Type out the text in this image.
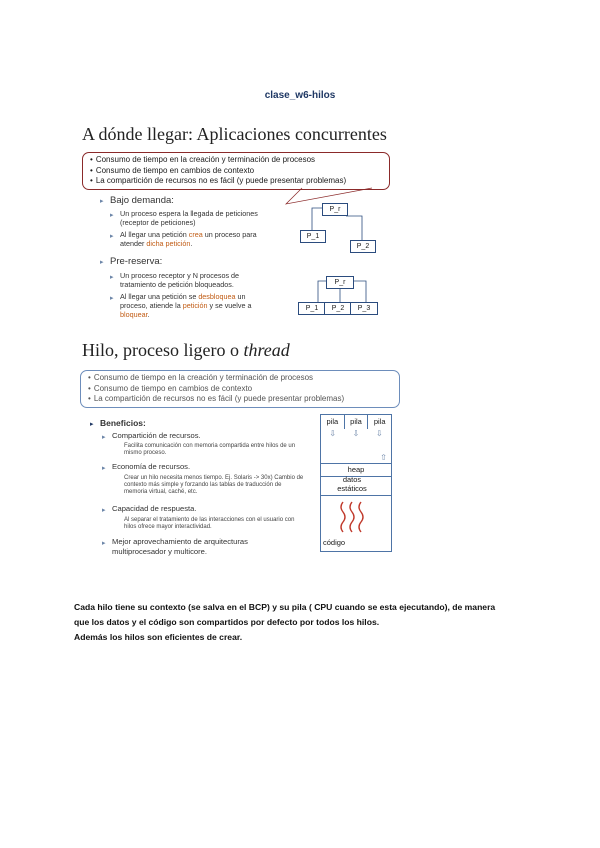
clase_w6-hilos
A dónde llegar: Aplicaciones concurrentes
• Consumo de tiempo en la creación y terminación de procesos
• Consumo de tiempo en cambios de contexto
• La compartición de recursos no es fácil (y puede presentar problemas)
▸ Bajo demanda:
▸ Un proceso espera la llegada de peticiones (receptor de peticiones)
▸ Al llegar una petición crea un proceso para atender dicha petición.
▸ Pre-reserva:
▸ Un proceso receptor y N procesos de tratamiento de petición bloqueados.
▸ Al llegar una petición se desbloquea un proceso, atiende la petición y se vuelve a bloquear.
P_r
P_1
P_2
P_r
P_1	P_2	P_3
Hilo, proceso ligero o thread
• Consumo de tiempo en la creación y terminación de procesos
• Consumo de tiempo en cambios de contexto
• La compartición de recursos no es fácil (y puede presentar problemas)
▸ Beneficios:
▸ Compartición de recursos.
Facilita comunicación con memoria compartida entre hilos de un mismo proceso.
▸ Economía de recursos.
Crear un hilo necesita menos tiempo. Ej. Solaris -> 30x) Cambio de contexto más simple y forzando las tablas de traducción de memoria virtual, caché, etc.
▸ Capacidad de respuesta.
Al separar el tratamiento de las interacciones con el usuario con hilos ofrece mayor interactividad.
▸ Mejor aprovechamiento de arquitecturas multiprocesador y multicore.
pila	pila	pila
⇩ ⇩ ⇩
⇧
heap
datos estáticos
código

Cada hilo tiene su contexto (se salva en el BCP) y su pila ( CPU cuando se esta ejecutando), de manera

que los datos y el código son compartidos por defecto por todos los hilos.

Además los hilos son eficientes de crear.
